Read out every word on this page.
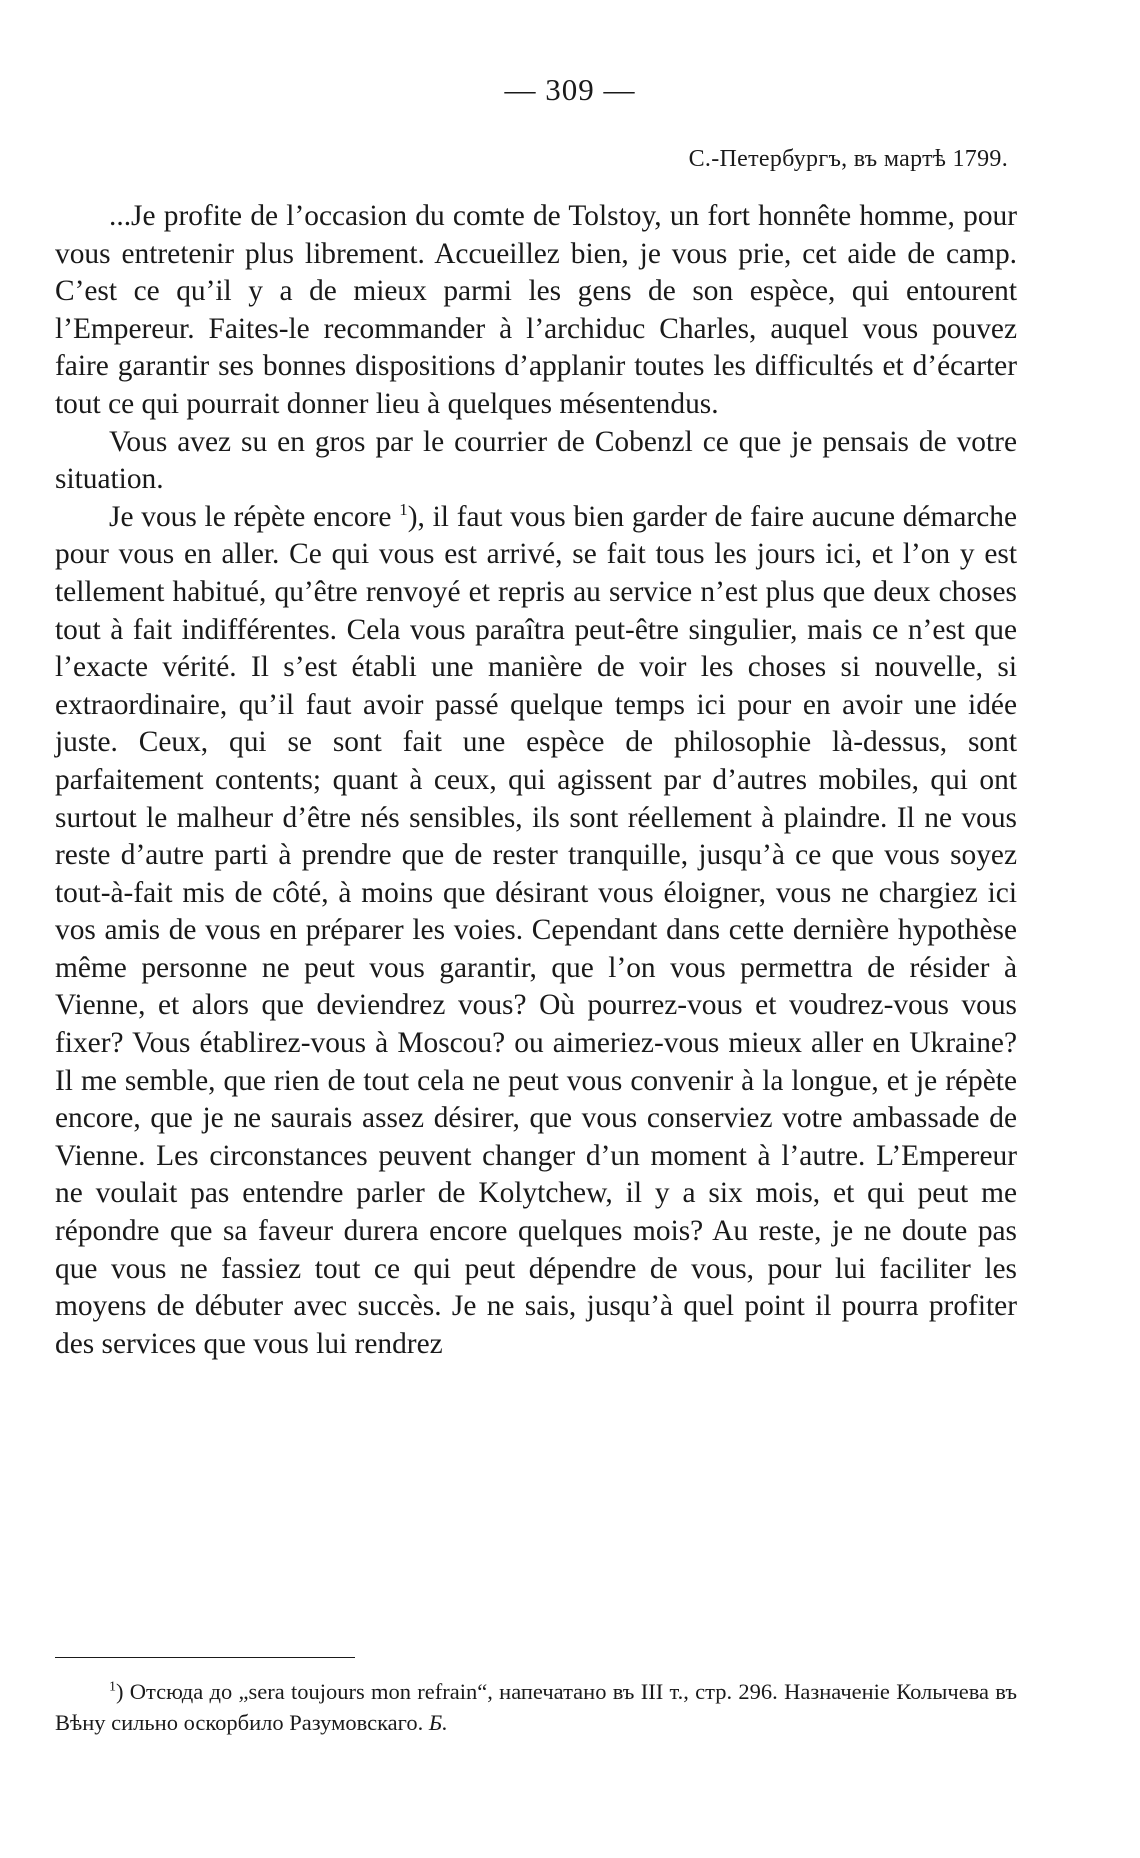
— 309 —
С.-Петербургъ, въ мартѣ 1799.

...Je profite de l’occasion du comte de Tolstoy, un fort honnête homme, pour vous entretenir plus librement. Accueillez bien, je vous prie, cet aide de camp. C’est ce qu’il y a de mieux parmi les gens de son espèce, qui entourent l’Empereur. Faites-le recommander à l’archiduc Charles, auquel vous pouvez faire garantir ses bonnes dispositions d’applanir toutes les difficultés et d’écarter tout ce qui pourrait donner lieu à quelques mésentendus.

Vous avez su en gros par le courrier de Cobenzl ce que je pensais de votre situation.

Je vous le répète encore $^1$), il faut vous bien garder de faire aucune démarche pour vous en aller. Ce qui vous est arrivé, se fait tous les jours ici, et l’on y est tellement habitué, qu’être renvoyé et repris au service n’est plus que deux choses tout à fait indifférentes. Cela vous paraîtra peut-être singulier, mais ce n’est que l’exacte vérité. Il s’est établi une manière de voir les choses si nouvelle, si extraordinaire, qu’il faut avoir passé quelque temps ici pour en avoir une idée juste. Ceux, qui se sont fait une espèce de philosophie là-dessus, sont parfaitement contents; quant à ceux, qui agissent par d’autres mobiles, qui ont surtout le malheur d’être nés sensibles, ils sont réellement à plaindre. Il ne vous reste d’autre parti à prendre que de rester tranquille, jusqu’à ce que vous soyez tout-à-fait mis de côté, à moins que désirant vous éloigner, vous ne chargiez ici vos amis de vous en préparer les voies. Cependant dans cette dernière hypothèse même personne ne peut vous garantir, que l’on vous permettra de résider à Vienne, et alors que deviendrez vous? Où pourrez-vous et voudrez-vous vous fixer? Vous établirez-vous à Moscou? ou aimeriez-vous mieux aller en Ukraine? Il me semble, que rien de tout cela ne peut vous convenir à la longue, et je répète encore, que je ne saurais assez désirer, que vous conserviez votre ambassade de Vienne. Les circonstances peuvent changer d’un moment à l’autre. L’Empereur ne voulait pas entendre parler de Kolytchew, il y a six mois, et qui peut me répondre que sa faveur durera encore quelques mois? Au reste, je ne doute pas que vous ne fassiez tout ce qui peut dépendre de vous, pour lui faciliter les moyens de débuter avec succès. Je ne sais, jusqu’à quel point il pourra profiter des services que vous lui rendrez

$^1$) Отсюда до „sera toujours mon refrain“, напечатано въ III т., стр. 296. Назначеніе Колычева въ Вѣну сильно оскорбило Разумовскаго. Б.
